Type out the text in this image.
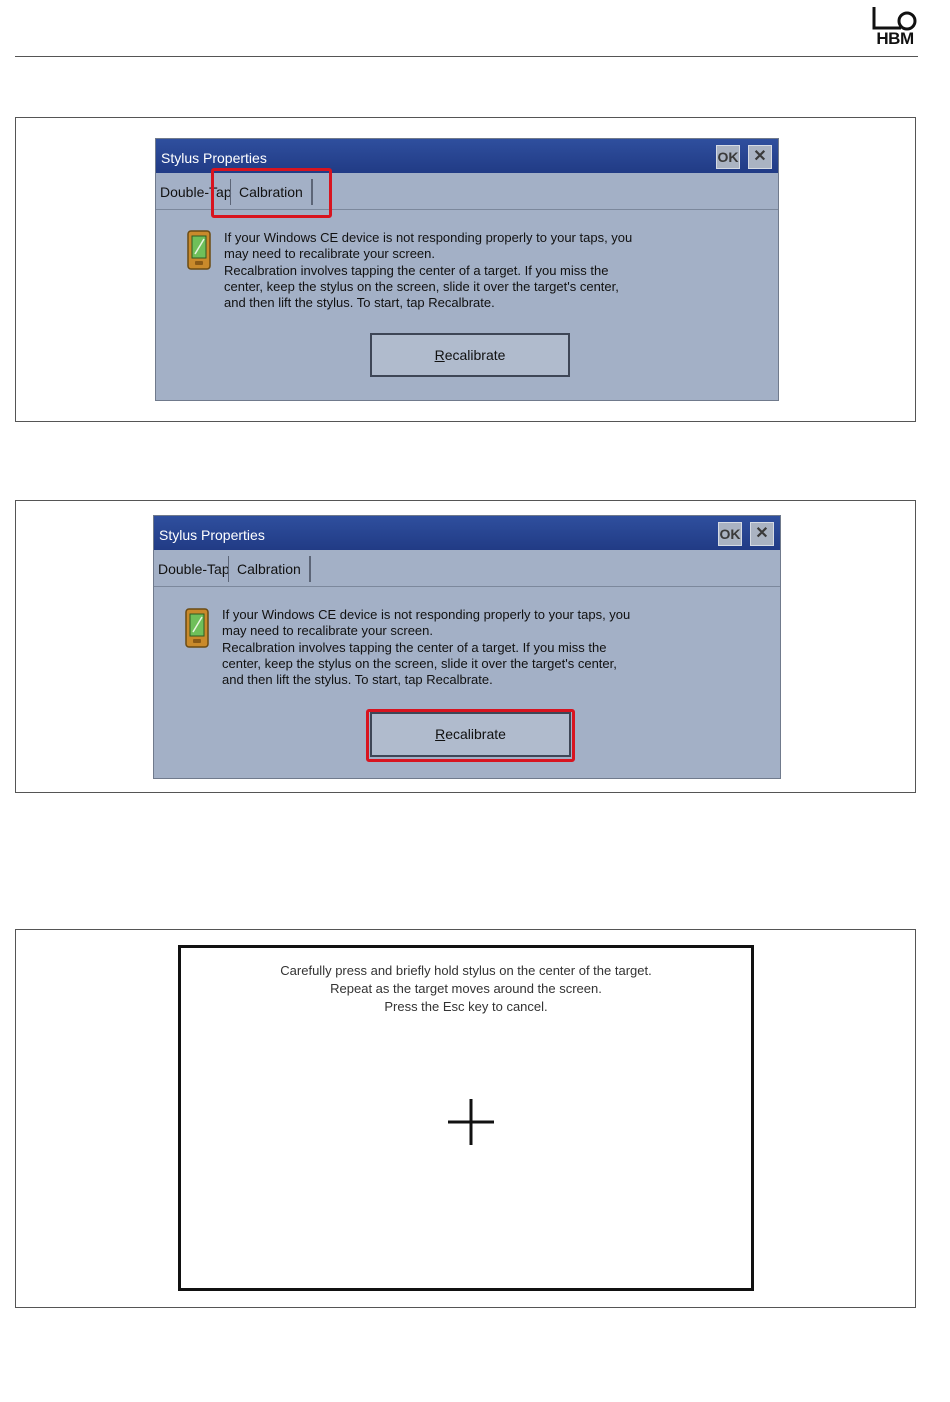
HBM
Stylus Properties	OK ✕
Double-Tap Calbration
If your Windows CE device is not responding properly to your taps, you
may need to recalibrate your screen.
Recalbration involves tapping the center of a target. If you miss the
center, keep the stylus on the screen, slide it over the target's center,
and then lift the stylus. To start, tap Recalbrate.
Recalibrate
Stylus Properties	OK ✕
Double-Tap Calbration
If your Windows CE device is not responding properly to your taps, you
may need to recalibrate your screen.
Recalbration involves tapping the center of a target. If you miss the
center, keep the stylus on the screen, slide it over the target's center,
and then lift the stylus. To start, tap Recalbrate.
Recalibrate
Carefully press and briefly hold stylus on the center of the target.
Repeat as the target moves around the screen.
Press the Esc key to cancel.
